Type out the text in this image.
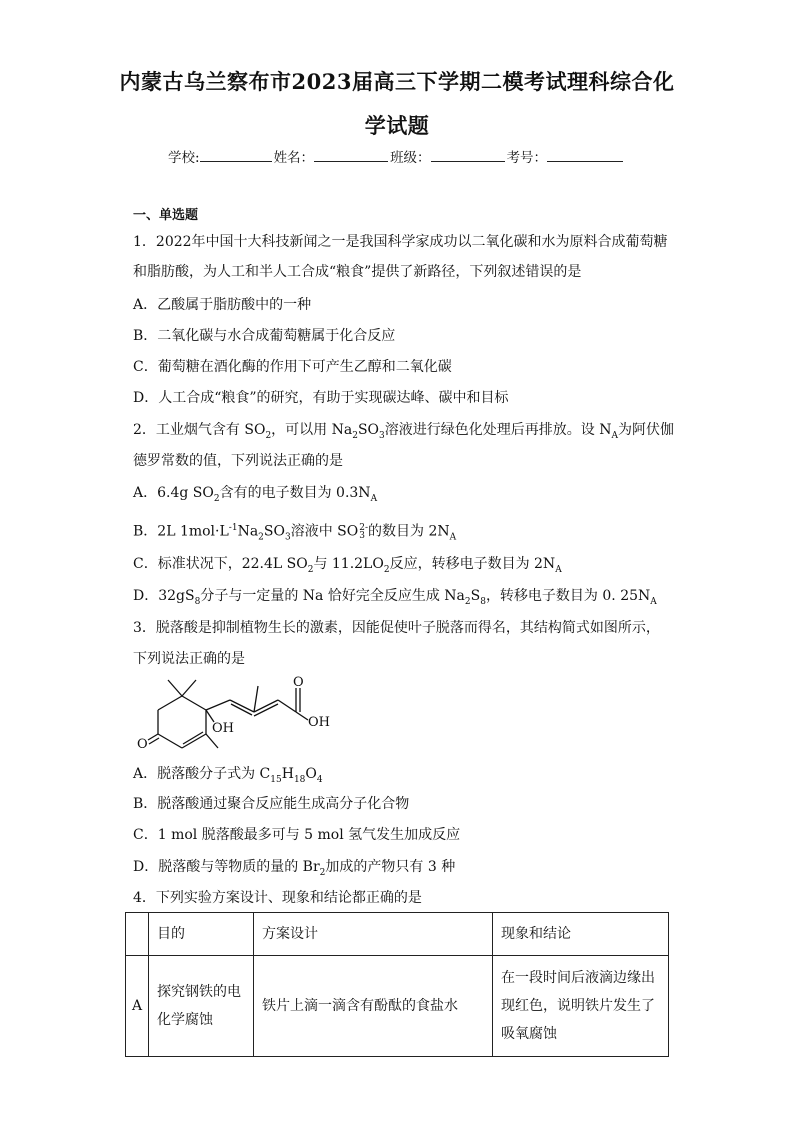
内蒙古乌兰察布市2023届高三下学期二模考试理科综合化
学试题
学校:	姓名：	班级：	考号：
一、单选题
1．2022年中国十大科技新闻之一是我国科学家成功以二氧化碳和水为原料合成葡萄糖
和脂肪酸，为人工和半人工合成“粮食”提供了新路径，下列叙述错误的是
A．乙酸属于脂肪酸中的一种
B．二氧化碳与水合成葡萄糖属于化合反应
C．葡萄糖在酒化酶的作用下可产生乙醇和二氧化碳
D．人工合成“粮食”的研究，有助于实现碳达峰、碳中和目标
2．工业烟气含有 $SO_2$，可以用 $Na_2SO_3$溶液进行绿色化处理后再排放。设 $N_A$为阿伏伽
德罗常数的值，下列说法正确的是
A．6.4g $SO_2$含有的电子数目为 $0.3N_A$
B．2L $1mol\cdot L^{-1}Na_2SO_3$溶液中 SO 2-
3 的数目为 $2N_A$
C．标准状况下，22.4L $SO_2$与 $11.2LO_2$反应，转移电子数目为 $2N_A$
D．$32gS_8$分子与一定量的 Na 恰好完全反应生成 $Na_2S_8$，转移电子数目为 0. $25N_A$
3．脱落酸是抑制植物生长的激素，因能促使叶子脱落而得名，其结构简式如图所示，
下列说法正确的是
OH
O
O
OH
A．脱落酸分子式为 $C_{15}H_{18}O_4$
B．脱落酸通过聚合反应能生成高分子化合物
C．1 mol 脱落酸最多可与 5 mol 氢气发生加成反应
D．脱落酸与等物质的量的 $Br_2$加成的产物只有 3 种
4．下列实验方案设计、现象和结论都正确的是
	目的	方案设计	现象和结论
A	探究钢铁的电化学腐蚀	铁片上滴一滴含有酚酞的食盐水	在一段时间后液滴边缘出现红色，说明铁片发生了吸氧腐蚀
